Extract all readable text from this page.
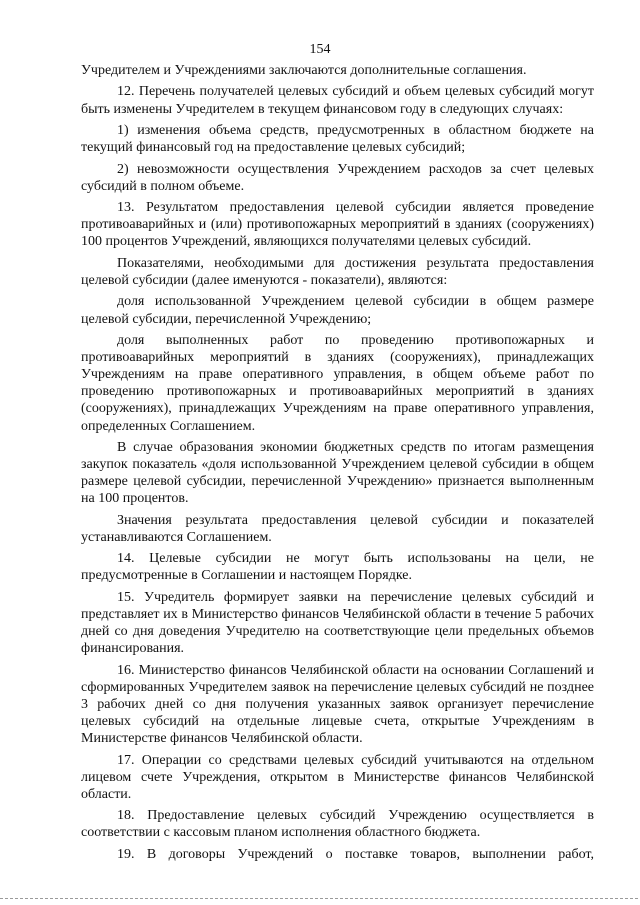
154

Учредителем и Учреждениями заключаются дополнительные соглашения.

12. Перечень получателей целевых субсидий и объем целевых субсидий могут быть изменены Учредителем в текущем финансовом году в следующих случаях:

1) изменения объема средств, предусмотренных в областном бюджете на текущий финансовый год на предоставление целевых субсидий;

2) невозможности осуществления Учреждением расходов за счет целевых субсидий в полном объеме.

13. Результатом предоставления целевой субсидии является проведение противоаварийных и (или) противопожарных мероприятий в зданиях (сооружениях) 100 процентов Учреждений, являющихся получателями целевых субсидий.

Показателями, необходимыми для достижения результата предоставления целевой субсидии (далее именуются - показатели), являются:

доля использованной Учреждением целевой субсидии в общем размере целевой субсидии, перечисленной Учреждению;

доля выполненных работ по проведению противопожарных и противоаварийных мероприятий в зданиях (сооружениях), принадлежащих Учреждениям на праве оперативного управления, в общем объеме работ по проведению противопожарных и противоаварийных мероприятий в зданиях (сооружениях), принадлежащих Учреждениям на праве оперативного управления, определенных Соглашением.

В случае образования экономии бюджетных средств по итогам размещения закупок показатель «доля использованной Учреждением целевой субсидии в общем размере целевой субсидии, перечисленной Учреждению» признается выполненным на 100 процентов.

Значения результата предоставления целевой субсидии и показателей устанавливаются Соглашением.

14. Целевые субсидии не могут быть использованы на цели, не предусмотренные в Соглашении и настоящем Порядке.

15. Учредитель формирует заявки на перечисление целевых субсидий и представляет их в Министерство финансов Челябинской области в течение 5 рабочих дней со дня доведения Учредителю на соответствующие цели предельных объемов финансирования.

16. Министерство финансов Челябинской области на основании Соглашений и сформированных Учредителем заявок на перечисление целевых субсидий не позднее 3 рабочих дней со дня получения указанных заявок организует перечисление целевых субсидий на отдельные лицевые счета, открытые Учреждениям в Министерстве финансов Челябинской области.

17. Операции со средствами целевых субсидий учитываются на отдельном лицевом счете Учреждения, открытом в Министерстве финансов Челябинской области.

18. Предоставление целевых субсидий Учреждению осуществляется в соответствии с кассовым планом исполнения областного бюджета.

19. В договоры Учреждений о поставке товаров, выполнении работ,
